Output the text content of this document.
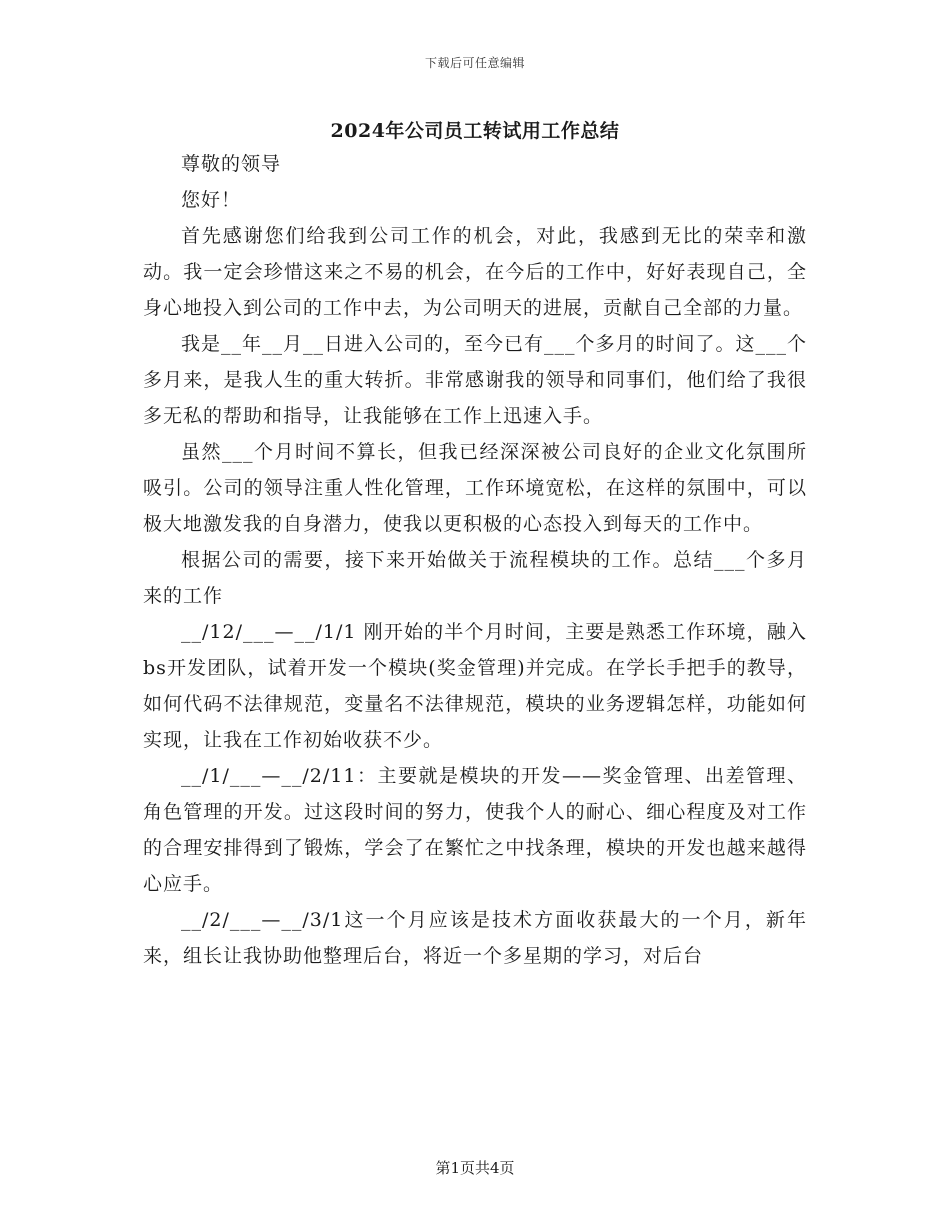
下载后可任意编辑
2024年公司员工转试用工作总结

尊敬的领导

您好！

首先感谢您们给我到公司工作的机会，对此，我感到无比的荣幸和激动。我一定会珍惜这来之不易的机会，在今后的工作中，好好表现自己，全身心地投入到公司的工作中去，为公司明天的进展，贡献自己全部的力量。

我是__年__月__日进入公司的，至今已有___个多月的时间了。这___个多月来，是我人生的重大转折。非常感谢我的领导和同事们，他们给了我很多无私的帮助和指导，让我能够在工作上迅速入手。

虽然___个月时间不算长，但我已经深深被公司良好的企业文化氛围所吸引。公司的领导注重人性化管理，工作环境宽松，在这样的氛围中，可以极大地激发我的自身潜力，使我以更积极的心态投入到每天的工作中。

根据公司的需要，接下来开始做关于流程模块的工作。总结___个多月来的工作

__/12/___—__/1/1 刚开始的半个月时间，主要是熟悉工作环境，融入bs开发团队，试着开发一个模块(奖金管理)并完成。在学长手把手的教导，如何代码不法律规范，变量名不法律规范，模块的业务逻辑怎样，功能如何实现，让我在工作初始收获不少。

__/1/___—__/2/11：主要就是模块的开发——奖金管理、出差管理、角色管理的开发。过这段时间的努力，使我个人的耐心、细心程度及对工作的合理安排得到了锻炼，学会了在繁忙之中找条理，模块的开发也越来越得心应手。

__/2/___—__/3/1这一个月应该是技术方面收获最大的一个月，新年来，组长让我协助他整理后台，将近一个多星期的学习，对后台

第1页共4页
